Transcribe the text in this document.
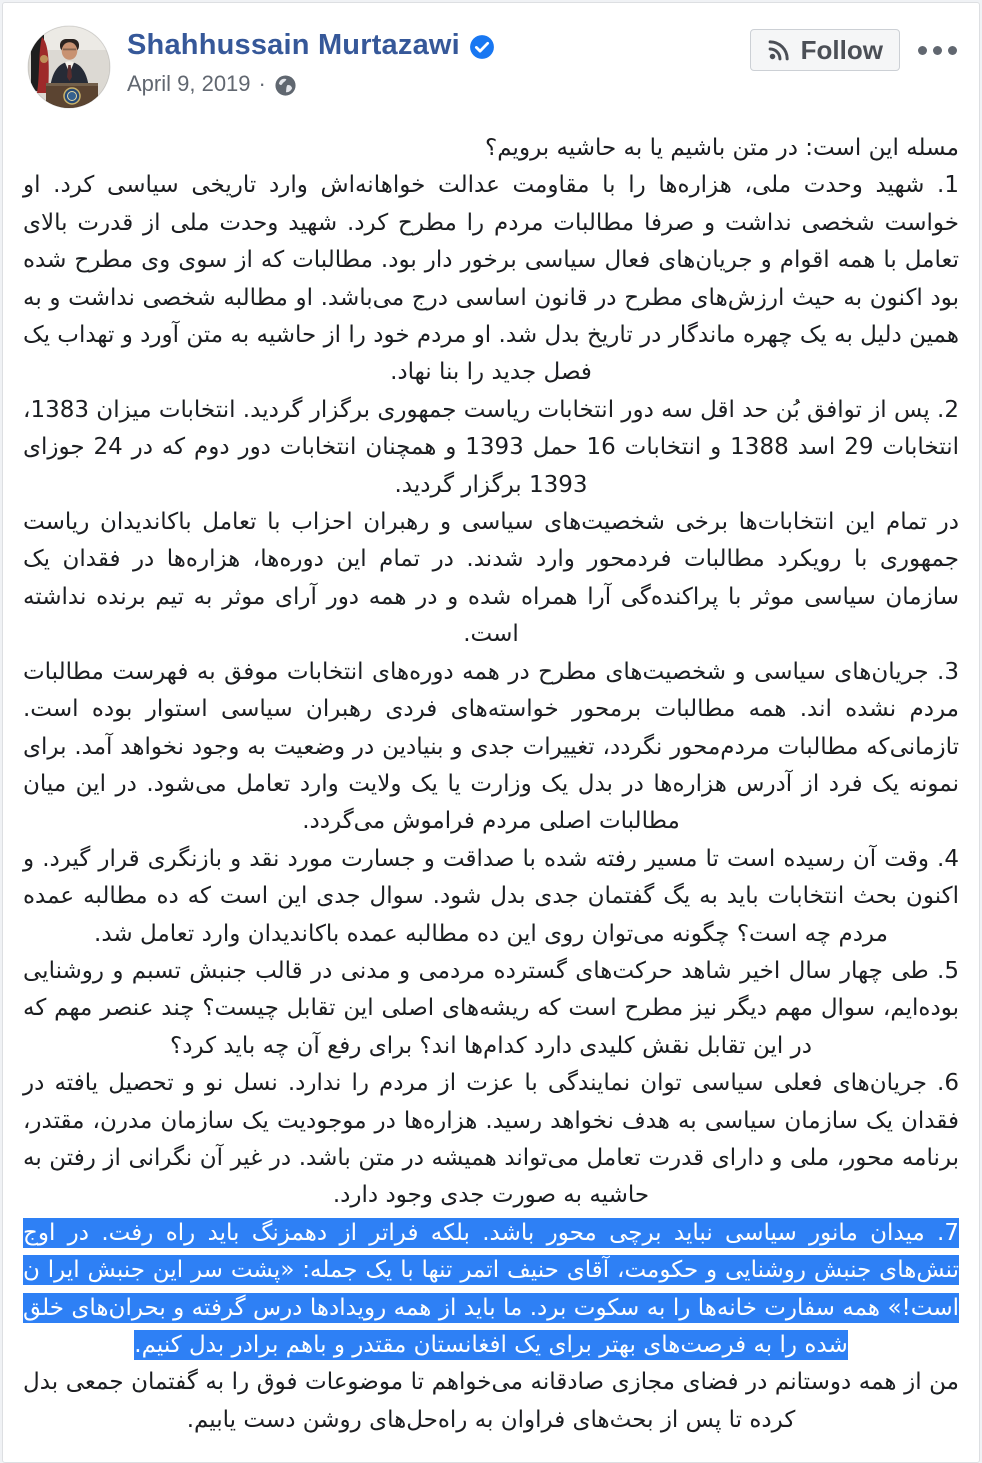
Shahhussain Murtazawi
April 9, 2019 ·
Follow
مسله این است: در متن باشیم یا به حاشیه برویم؟
1. شهید وحدت ملی، هزاره‌ها را با مقاومت عدالت خواهانه‌اش وارد تاریخی سیاسی کرد. او خواست شخصی نداشت و صرفا مطالبات مردم را مطرح کرد. شهید وحدت ملی از قدرت بالای تعامل با همه اقوام و جریان‌های فعال سیاسی برخور دار بود. مطالبات که از سوی وی مطرح شده بود اکنون به حیث ارزش‌های مطرح در قانون اساسی درج می‌باشد. او مطالبه شخصی نداشت و به همین دلیل به یک چهره ماندگار در تاریخ بدل شد. او مردم خود را از حاشیه به متن آورد و تهداب یک فصل جدید را بنا نهاد.
2. پس از توافق بُن حد اقل سه دور انتخابات ریاست جمهوری برگزار گردید. انتخابات میزان 1383، انتخابات 29 اسد 1388 و انتخابات 16 حمل 1393 و همچنان انتخابات دور دوم که در 24 جوزای 1393 برگزار گردید.
در تمام این انتخابات‌ها برخی شخصیت‌های سیاسی و رهبران احزاب با تعامل باکاندیدان ریاست جمهوری با رویکرد مطالبات فردمحور وارد شدند. در تمام این دوره‌ها، هزاره‌ها در فقدان یک سازمان سیاسی موثر با پراکنده‌گی آرا همراه شده و در همه دور آرای موثر به تیم برنده نداشته است.
3. جریان‌های سیاسی و شخصیت‌های مطرح در همه دوره‌های انتخابات موفق به فهرست مطالبات مردم نشده اند. همه مطالبات برمحور خواسته‌های فردی رهبران سیاسی استوار بوده است. تازمانی‌که مطالبات مردم‌محور نگردد، تغییرات جدی و بنیادین در وضعیت به وجود نخواهد آمد. برای نمونه یک فرد از آدرس هزاره‌ها در بدل یک وزارت یا یک ولایت وارد تعامل می‌شود. در این میان مطالبات اصلی مردم فراموش می‌گردد.
4. وقت آن رسیده است تا مسیر رفته شده با صداقت و جسارت مورد نقد و بازنگری قرار گیرد. و اکنون بحث انتخابات باید به یگ گفتمان جدی بدل شود. سوال جدی این است که ده مطالبه عمده مردم چه است؟ چگونه می‌توان روی این ده مطالبه عمده باکاندیدان وارد تعامل شد.
5. طی چهار سال اخیر شاهد حرکت‌های گسترده مردمی و مدنی در قالب جنبش تسبم و روشنایی بوده‌ایم، سوال مهم دیگر نیز مطرح است که ریشه‌های اصلی این تقابل چیست؟ چند عنصر مهم که در این تقابل نقش کلیدی دارد کدام‌ها اند؟ برای رفع آن چه باید کرد؟
6. جریان‌های فعلی سیاسی توان نمایندگی با عزت از مردم را ندارد. نسل نو و تحصیل یافته در فقدان یک سازمان سیاسی به هدف نخواهد رسید. هزاره‌ها در موجودیت یک سازمان مدرن، مقتدر، برنامه محور، ملی و دارای قدرت تعامل می‌تواند همیشه در متن باشد. در غیر آن نگرانی از رفتن به حاشیه به صورت جدی وجود دارد.
7. میدان مانور سیاسی نباید برچی محور باشد. بلکه فراتر از دهمزنگ باید راه رفت. در اوج تنش‌های جنبش روشنایی و حکومت، آقای حنیف اتمر تنها با یک جمله: «پشت سر این جنبش ایرا ن است!» همه سفارت خانه‌ها را به سکوت برد. ما باید از همه رویدادها درس گرفته و بحران‌های خلق شده را به فرصت‌های بهتر برای یک افغانستان مقتدر و باهم برادر بدل کنیم.
من از همه دوستانم در فضای مجازی صادقانه می‌خواهم تا موضوعات فوق را به گفتمان جمعی بدل کرده تا پس از بحث‌های فراوان به راه‌حل‌های روشن دست یابیم.
